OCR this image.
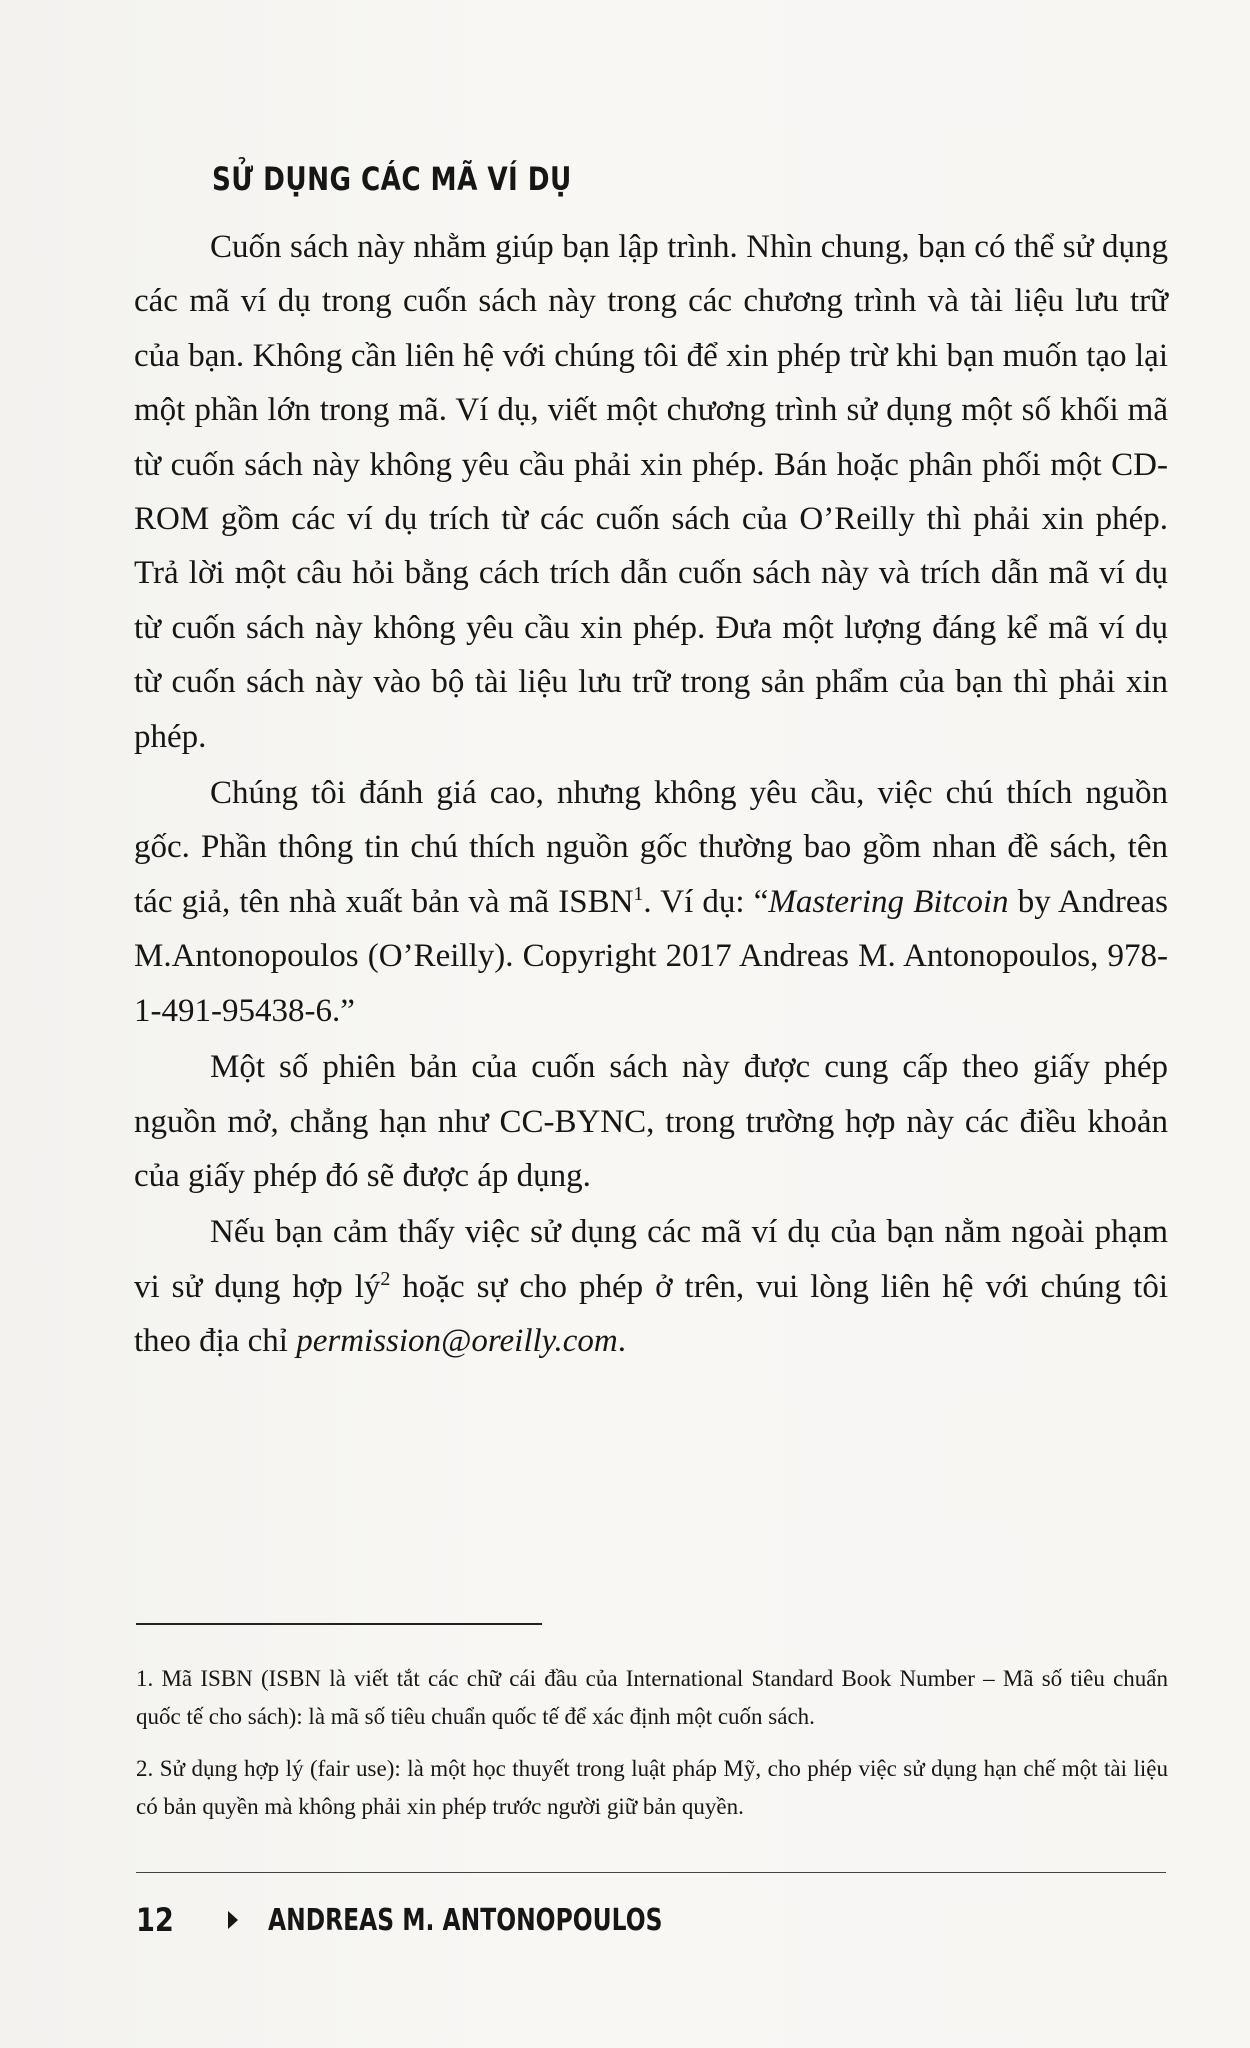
SỬ DỤNG CÁC MÃ VÍ DỤ

Cuốn sách này nhằm giúp bạn lập trình. Nhìn chung, bạn có thể sử dụng các mã ví dụ trong cuốn sách này trong các chương trình và tài liệu lưu trữ của bạn. Không cần liên hệ với chúng tôi để xin phép trừ khi bạn muốn tạo lại một phần lớn trong mã. Ví dụ, viết một chương trình sử dụng một số khối mã từ cuốn sách này không yêu cầu phải xin phép. Bán hoặc phân phối một CD-ROM gồm các ví dụ trích từ các cuốn sách của O’Reilly thì phải xin phép. Trả lời một câu hỏi bằng cách trích dẫn cuốn sách này và trích dẫn mã ví dụ từ cuốn sách này không yêu cầu xin phép. Đưa một lượng đáng kể mã ví dụ từ cuốn sách này vào bộ tài liệu lưu trữ trong sản phẩm của bạn thì phải xin phép.

Chúng tôi đánh giá cao, nhưng không yêu cầu, việc chú thích nguồn gốc. Phần thông tin chú thích nguồn gốc thường bao gồm nhan đề sách, tên tác giả, tên nhà xuất bản và mã ISBN$^1$. Ví dụ: “Mastering Bitcoin by Andreas M.Antonopoulos (O’Reilly). Copyright 2017 Andreas M. Antonopoulos, 978-1-491-95438-6.”

Một số phiên bản của cuốn sách này được cung cấp theo giấy phép nguồn mở, chẳng hạn như CC-BYNC, trong trường hợp này các điều khoản của giấy phép đó sẽ được áp dụng.

Nếu bạn cảm thấy việc sử dụng các mã ví dụ của bạn nằm ngoài phạm vi sử dụng hợp $lý^2$ hoặc sự cho phép ở trên, vui lòng liên hệ với chúng tôi theo địa chỉ permission@oreilly.com.

1. Mã ISBN (ISBN là viết tắt các chữ cái đầu của International Standard Book Number – Mã số tiêu chuẩn quốc tế cho sách): là mã số tiêu chuẩn quốc tế để xác định một cuốn sách.

2. Sử dụng hợp lý (fair use): là một học thuyết trong luật pháp Mỹ, cho phép việc sử dụng hạn chế một tài liệu có bản quyền mà không phải xin phép trước người giữ bản quyền.

12	ANDREAS M. ANTONOPOULOS
